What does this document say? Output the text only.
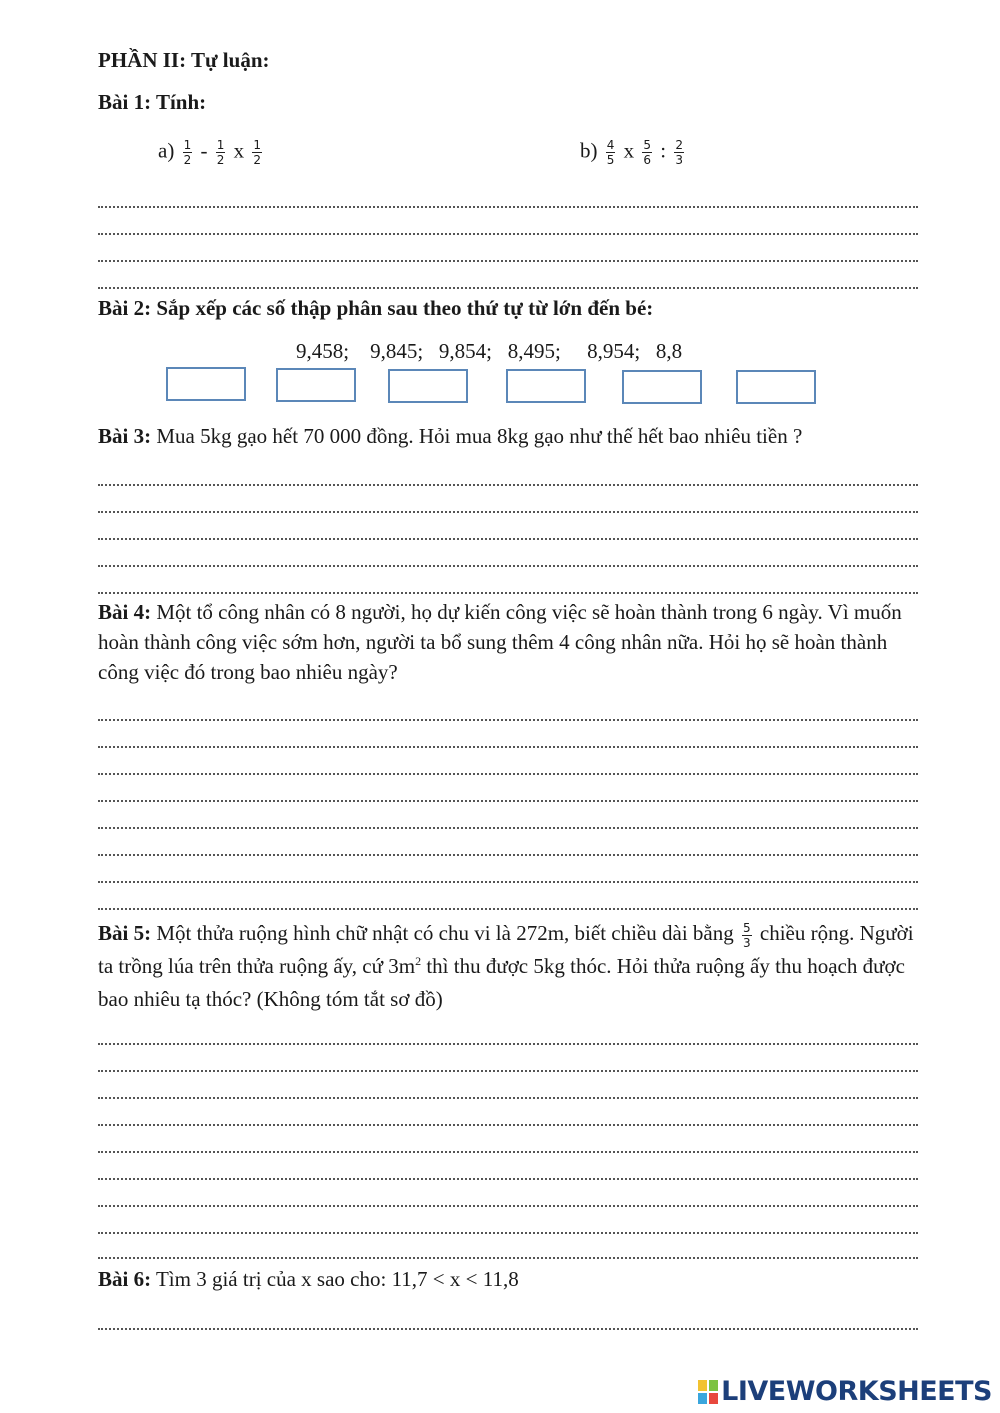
PHẦN II: Tự luận:
Bài 1: Tính:
$a) \frac{1}{2} - \frac{1}{2}$ x $\frac{1}{2}$	$b) \frac{4}{5}$ x $\frac{5}{6}$ : $\frac{2}{3}$
Bài 2: Sắp xếp các số thập phân sau theo thứ tự từ lớn đến bé:
9,458;    9,845;   9,854;   8,495;     8,954;   8,8
Bài 3: Mua 5kg gạo hết 70 000 đồng. Hỏi mua 8kg gạo như thế hết bao nhiêu tiền ?
Bài 4: Một tổ công nhân có 8 người, họ dự kiến công việc sẽ hoàn thành trong 6 ngày. Vì muốn hoàn thành công việc sớm hơn, người ta bổ sung thêm 4 công nhân nữa. Hỏi họ sẽ hoàn thành công việc đó trong bao nhiêu ngày?
Bài 5: Một thửa ruộng hình chữ nhật có chu vi là 272m, biết chiều dài bằng $\frac{5}{3}$ chiều rộng. Người ta trồng lúa trên thửa ruộng ấy, cứ $3m^2$ thì thu được 5kg thóc. Hỏi thửa ruộng ấy thu hoạch được bao nhiêu tạ thóc? (Không tóm tắt sơ đồ)
Bài 6: Tìm 3 giá trị của x sao cho: 11,7 < x < 11,8
LIVEWORKSHEETS
